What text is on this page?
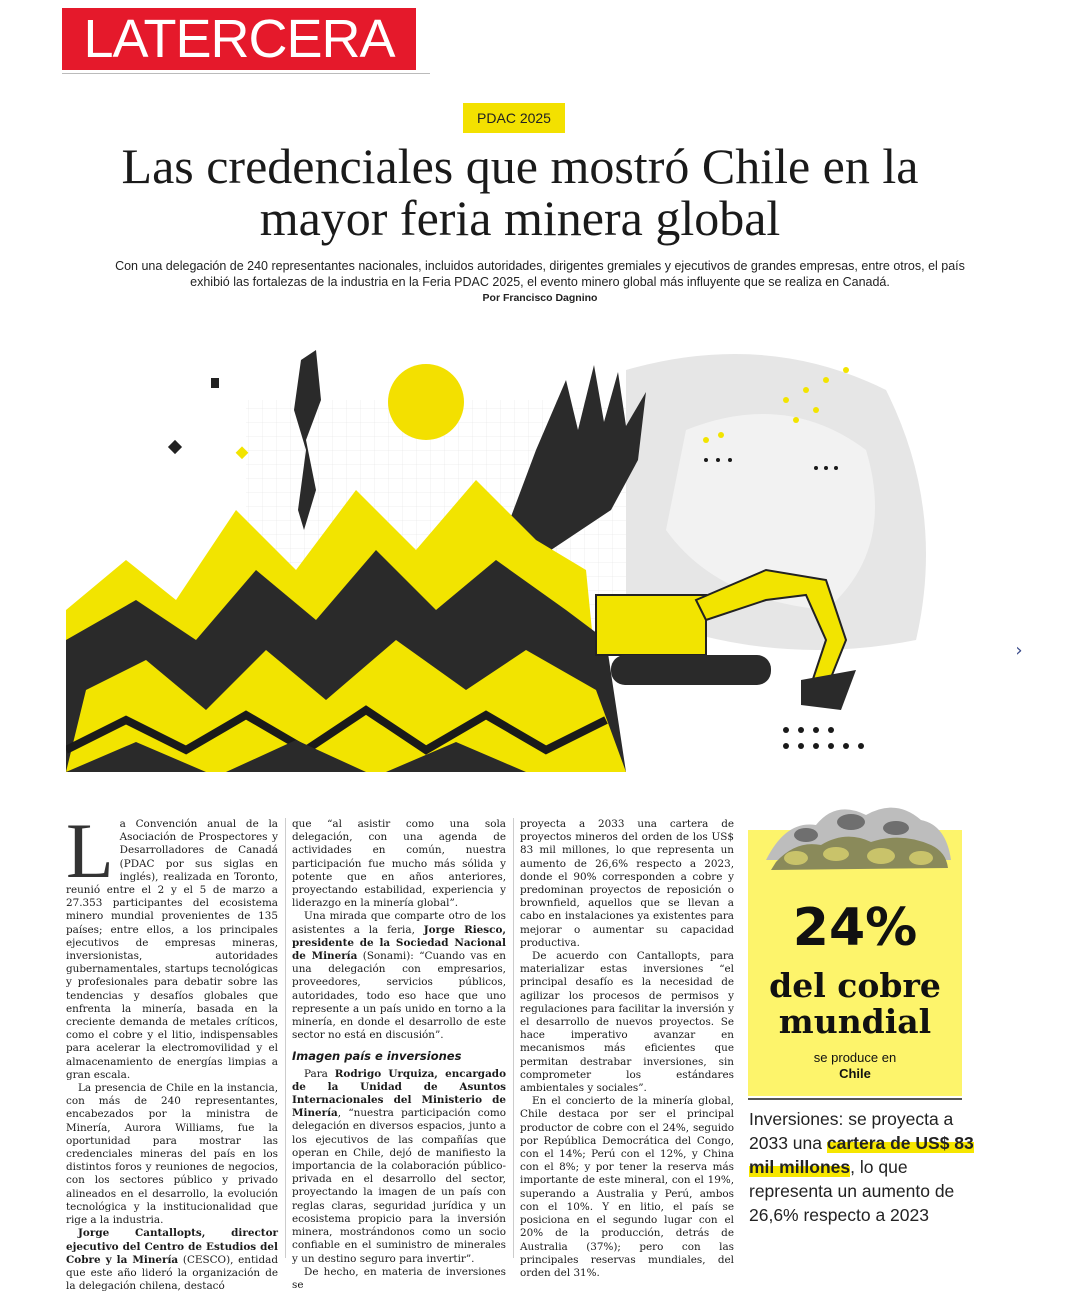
LATERCERA
PDAC 2025
Las credenciales que mostró Chile en la mayor feria minera global

Con una delegación de 240 representantes nacionales, incluidos autoridades, dirigentes gremiales y ejecutivos de grandes empresas, entre otros, el país exhibió las fortalezas de la industria en la Feria PDAC 2025, el evento minero global más influyente que se realiza en Canadá.

Por Francisco Dagnino
›
L a Convención anual de la Asociación de Prospectores y Desarrolladores de Canadá (PDAC por sus siglas en inglés), realizada en Toronto, reunió entre el 2 y el 5 de marzo a 27.353 participantes del ecosistema minero mundial provenientes de 135 países; entre ellos, a los principales ejecutivos de empresas mineras, inversionistas, autoridades gubernamentales, startups tecnológicas y profesionales para debatir sobre las tendencias y desafíos globales que enfrenta la minería, basada en la creciente demanda de metales críticos, como el cobre y el litio, indispensables para acelerar la electromovilidad y el almacenamiento de energías limpias a gran escala.

La presencia de Chile en la instancia, con más de 240 representantes, encabezados por la ministra de Minería, Aurora Williams, fue la oportunidad para mostrar las credenciales mineras del país en los distintos foros y reuniones de negocios, con los sectores público y privado alineados en el desarrollo, la evolución tecnológica y la institucionalidad que rige a la industria.

Jorge Cantallopts, director ejecutivo del Centro de Estudios del Cobre y la Minería (CESCO), entidad que este año lideró la organización de la delegación chilena, destacó

que “al asistir como una sola delegación, con una agenda de actividades en común, nuestra participación fue mucho más sólida y potente que en años anteriores, proyectando estabilidad, experiencia y liderazgo en la minería global”.

Una mirada que comparte otro de los asistentes a la feria, Jorge Riesco, presidente de la Sociedad Nacional de Minería (Sonami): “Cuando vas en una delegación con empresarios, proveedores, servicios públicos, autoridades, todo eso hace que uno represente a un país unido en torno a la minería, en donde el desarrollo de este sector no está en discusión”.

Imagen país e inversiones

Para Rodrigo Urquiza, encargado de la Unidad de Asuntos Internacionales del Ministerio de Minería, “nuestra participación como delegación en diversos espacios, junto a los ejecutivos de las compañías que operan en Chile, dejó de manifiesto la importancia de la colaboración público-privada en el desarrollo del sector, proyectando la imagen de un país con reglas claras, seguridad jurídica y un ecosistema propicio para la inversión minera, mostrándonos como un socio confiable en el suministro de minerales y un destino seguro para invertir”.

De hecho, en materia de inversiones se

proyecta a 2033 una cartera de proyectos mineros del orden de los US$ 83 mil millones, lo que representa un aumento de 26,6% respecto a 2023, donde el 90% corresponden a cobre y predominan proyectos de reposición o brownfield, aquellos que se llevan a cabo en instalaciones ya existentes para mejorar o aumentar su capacidad productiva.

De acuerdo con Cantallopts, para materializar estas inversiones “el principal desafío es la necesidad de agilizar los procesos de permisos y regulaciones para facilitar la inversión y el desarrollo de nuevos proyectos. Se hace imperativo avanzar en mecanismos más eficientes que permitan destrabar inversiones, sin comprometer los estándares ambientales y sociales”.

En el concierto de la minería global, Chile destaca por ser el principal productor de cobre con el 24%, seguido por República Democrática del Congo, con el 14%; Perú con el 12%, y China con el 8%; y por tener la reserva más importante de este mineral, con el 19%, superando a Australia y Perú, ambos con el 10%. Y en litio, el país se posiciona en el segundo lugar con el 20% de la producción, detrás de Australia (37%); pero con las principales reservas mundiales, del orden del 31%.

24%
del cobre
mundial
se produce en
Chile

Inversiones: se proyecta a 2033 una cartera de US$ 83 mil millones, lo que representa un aumento de 26,6% respecto a 2023
